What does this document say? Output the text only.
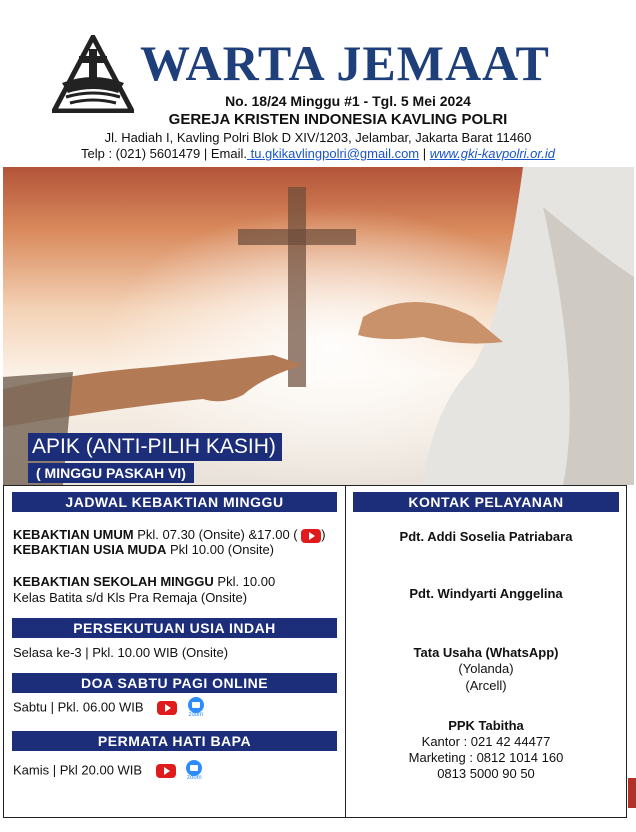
WARTA JEMAAT
No. 18/24 Minggu #1 - Tgl. 5 Mei 2024
GEREJA KRISTEN INDONESIA KAVLING POLRI
Jl. Hadiah I, Kavling Polri Blok D XIV/1203, Jelambar, Jakarta Barat 11460
Telp : (021) 5601479 | Email. tu.gkikavlingpolri@gmail.com | www.gki-kavpolri.or.id
APIK (ANTI-PILIH KASIH)
( MINGGU PASKAH VI)
JADWAL KEBAKTIAN MINGGU
KEBAKTIAN UMUM Pkl. 07.30 (Onsite) &17.00 ( )
KEBAKTIAN USIA MUDA Pkl 10.00 (Onsite)
KEBAKTIAN SEKOLAH MINGGU Pkl. 10.00
Kelas Batita s/d Kls Pra Remaja (Onsite)
PERSEKUTUAN USIA INDAH
Selasa ke-3 | Pkl. 10.00 WIB (Onsite)
DOA SABTU PAGI ONLINE
Sabtu | Pkl. 06.00 WIB
zoom
PERMATA HATI BAPA
Kamis | Pkl 20.00 WIB
zoom
KONTAK PELAYANAN
Pdt. Addi Soselia Patriabara
Pdt. Windyarti Anggelina
Tata Usaha (WhatsApp)
(Yolanda)
(Arcell)
PPK Tabitha
Kantor : 021 42 44477
Marketing : 0812 1014 160
0813 5000 90 50
